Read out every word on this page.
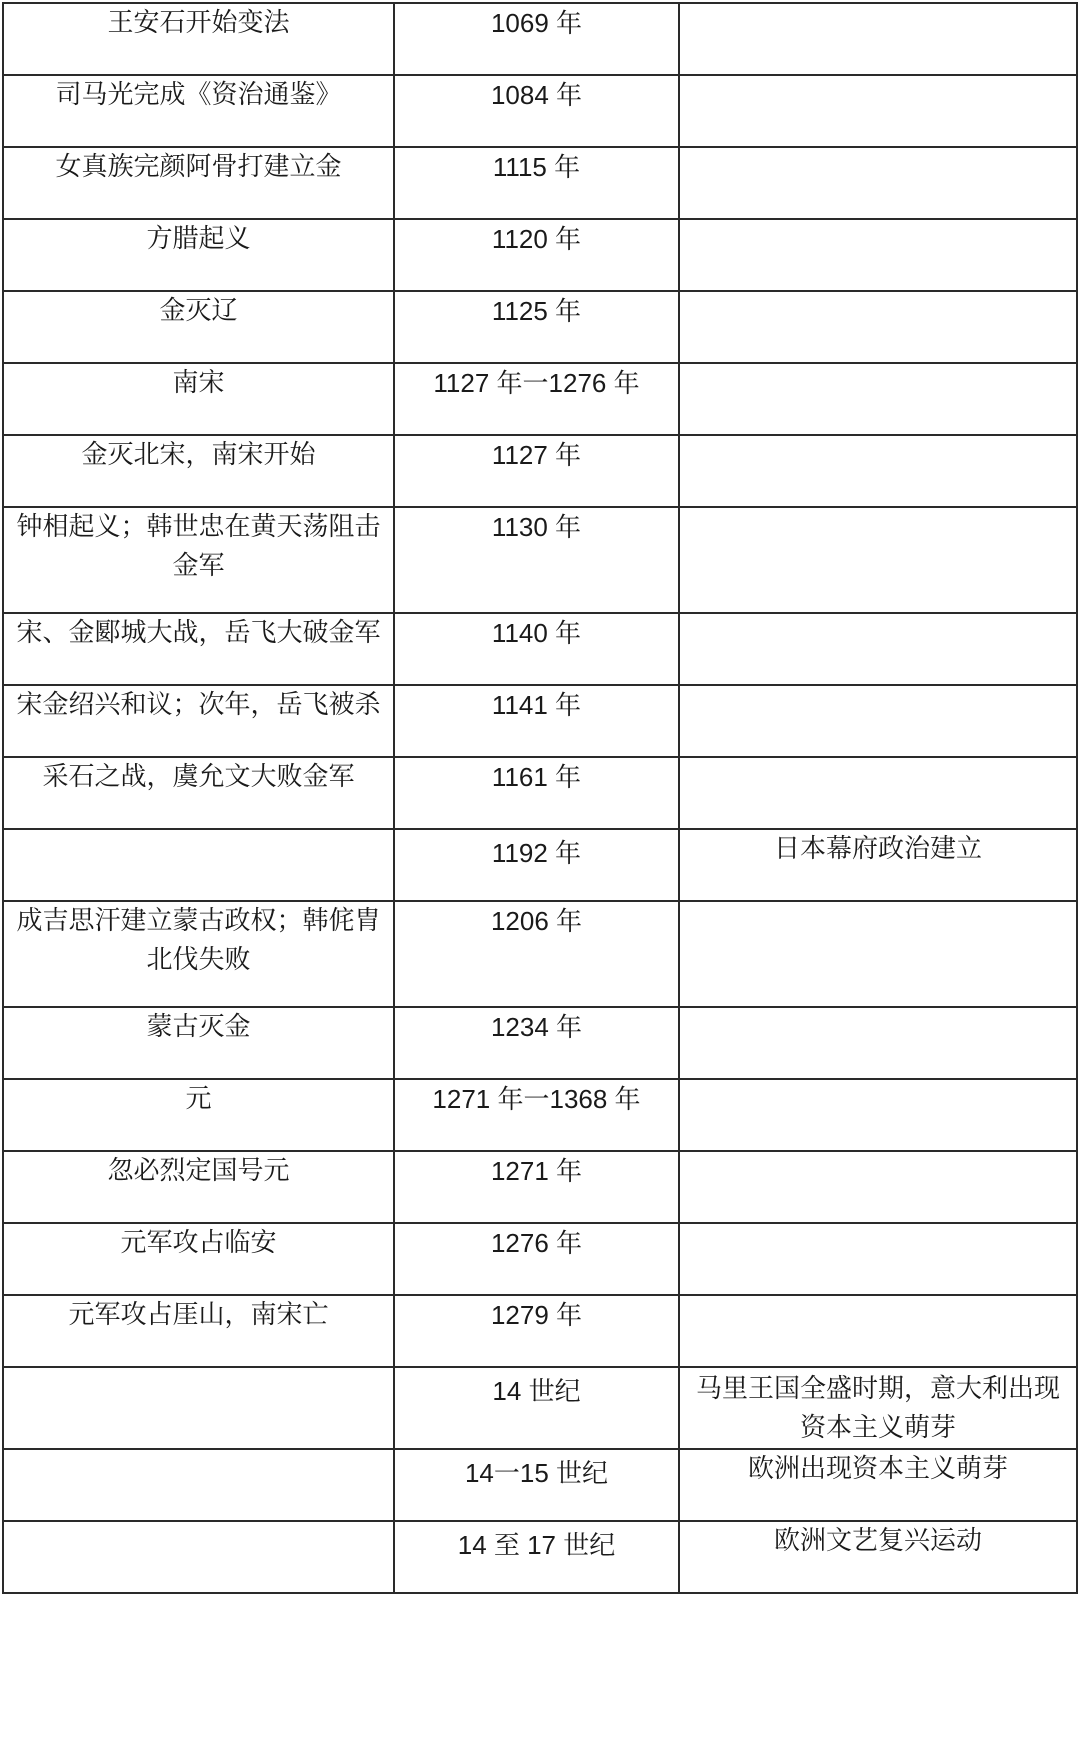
王安石开始变法	1069 年	
司马光完成《资治通鉴》	1084 年	
女真族完颜阿骨打建立金	1115 年	
方腊起义	1120 年	
金灭辽	1125 年	
南宋	1127 年一1276 年	
金灭北宋，南宋开始	1127 年	
钟相起义；韩世忠在黄天荡阻击金军	1130 年	
宋、金郾城大战，岳飞大破金军	1140 年	
宋金绍兴和议；次年，岳飞被杀	1141 年	
采石之战，虞允文大败金军	1161 年	
	1192 年	日本幕府政治建立
成吉思汗建立蒙古政权；韩侂胄北伐失败	1206 年	
蒙古灭金	1234 年	
元	1271 年一1368 年	
忽必烈定国号元	1271 年	
元军攻占临安	1276 年	
元军攻占厓山，南宋亡	1279 年	
	14 世纪	马里王国全盛时期，意大利出现资本主义萌芽
	14一15 世纪	欧洲出现资本主义萌芽
	14 至 17 世纪	欧洲文艺复兴运动
